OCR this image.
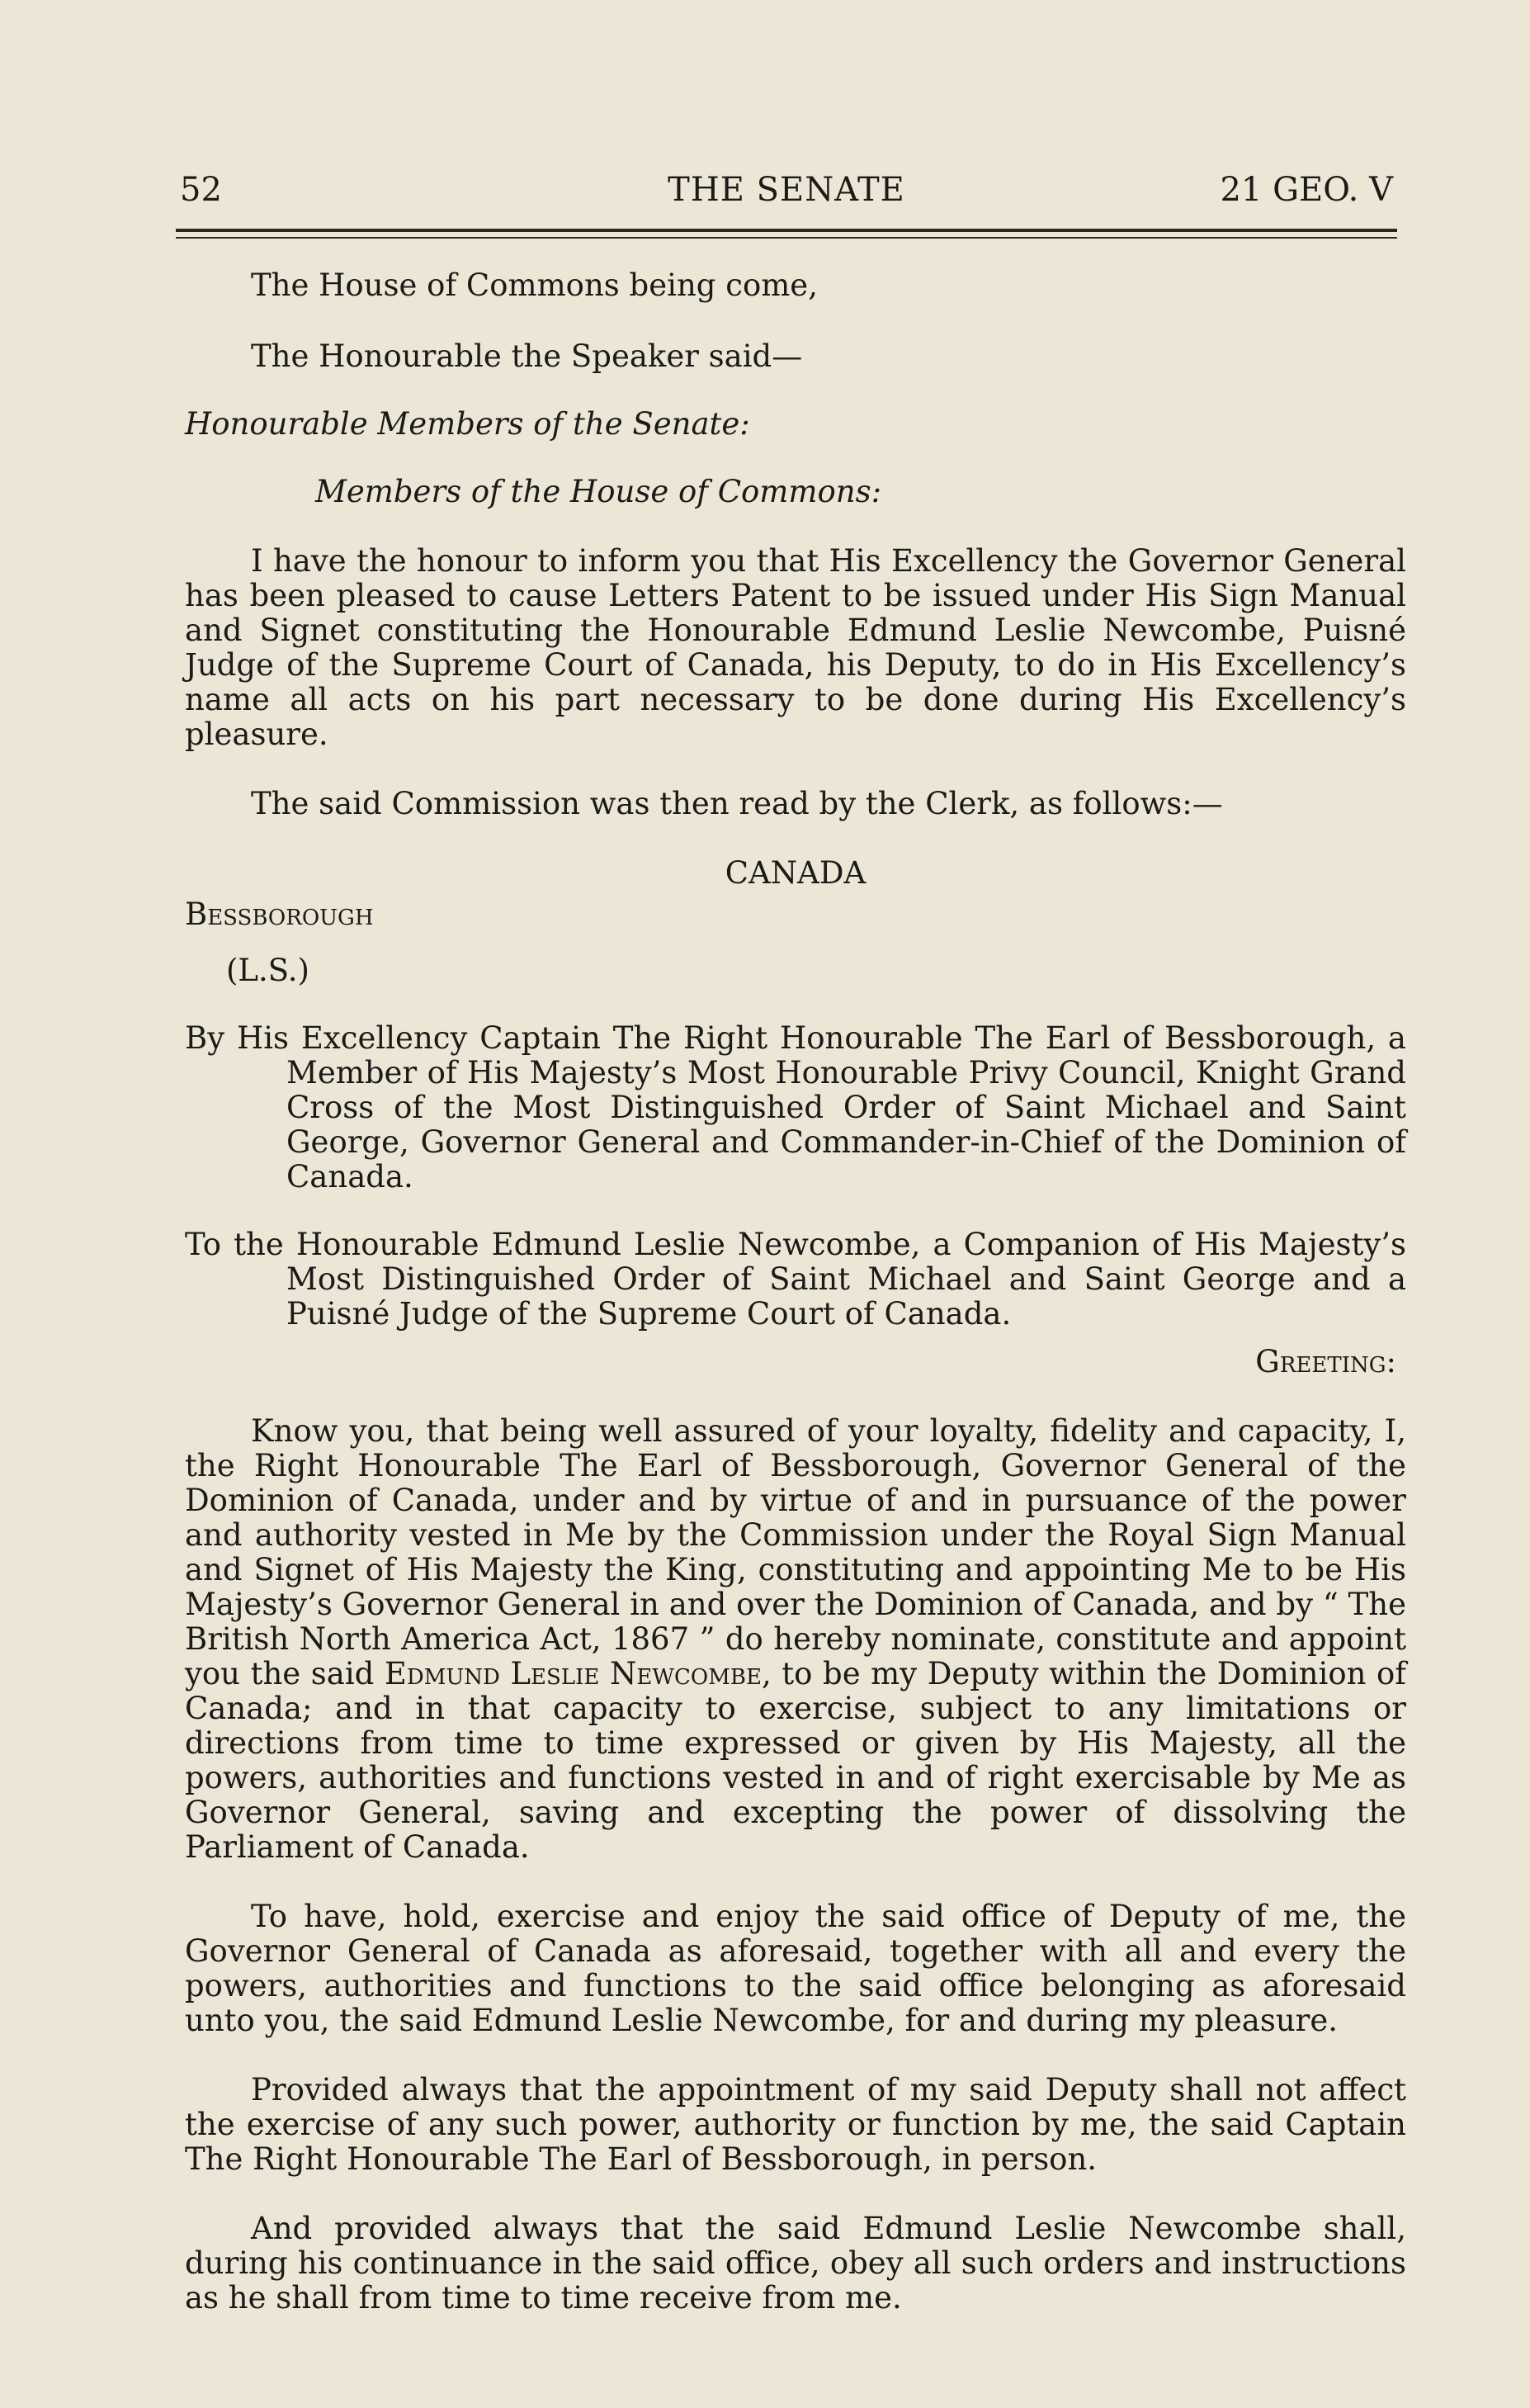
52	THE SENATE	21 GEO. V

The House of Commons being come,

The Honourable the Speaker said—

Honourable Members of the Senate:

Members of the House of Commons:

I have the honour to inform you that His Excellency the Governor General has been pleased to cause Letters Patent to be issued under His Sign Manual and Signet constituting the Honourable Edmund Leslie Newcombe, Puisné Judge of the Supreme Court of Canada, his Deputy, to do in His Excellency’s name all acts on his part necessary to be done during His Excellency’s pleasure.

The said Commission was then read by the Clerk, as follows:—

CANADA

Bessborough

(L.S.)

By His Excellency Captain The Right Honourable The Earl of Bessborough, a Member of His Majesty’s Most Honourable Privy Council, Knight Grand Cross of the Most Distinguished Order of Saint Michael and Saint George, Governor General and Commander-in-Chief of the Dominion of Canada.

To the Honourable Edmund Leslie Newcombe, a Companion of His Majesty’s Most Distinguished Order of Saint Michael and Saint George and a Puisné Judge of the Supreme Court of Canada.

Greeting:

Know you, that being well assured of your loyalty, fidelity and capacity, I, the Right Honourable The Earl of Bessborough, Governor General of the Dominion of Canada, under and by virtue of and in pursuance of the power and authority vested in Me by the Commission under the Royal Sign Manual and Signet of His Majesty the King, constituting and appointing Me to be His Majesty’s Governor General in and over the Dominion of Canada, and by “ The British North America Act, 1867 ” do hereby nominate, constitute and appoint you the said Edmund Leslie Newcombe, to be my Deputy within the Dominion of Canada; and in that capacity to exercise, subject to any limitations or directions from time to time expressed or given by His Majesty, all the powers, authorities and functions vested in and of right exercisable by Me as Governor General, saving and excepting the power of dissolving the Parliament of Canada.

To have, hold, exercise and enjoy the said office of Deputy of me, the Governor General of Canada as aforesaid, together with all and every the powers, authorities and functions to the said office belonging as aforesaid unto you, the said Edmund Leslie Newcombe, for and during my pleasure.

Provided always that the appointment of my said Deputy shall not affect the exercise of any such power, authority or function by me, the said Captain The Right Honourable The Earl of Bessborough, in person.

And provided always that the said Edmund Leslie Newcombe shall, during his continuance in the said office, obey all such orders and instructions as he shall from time to time receive from me.
